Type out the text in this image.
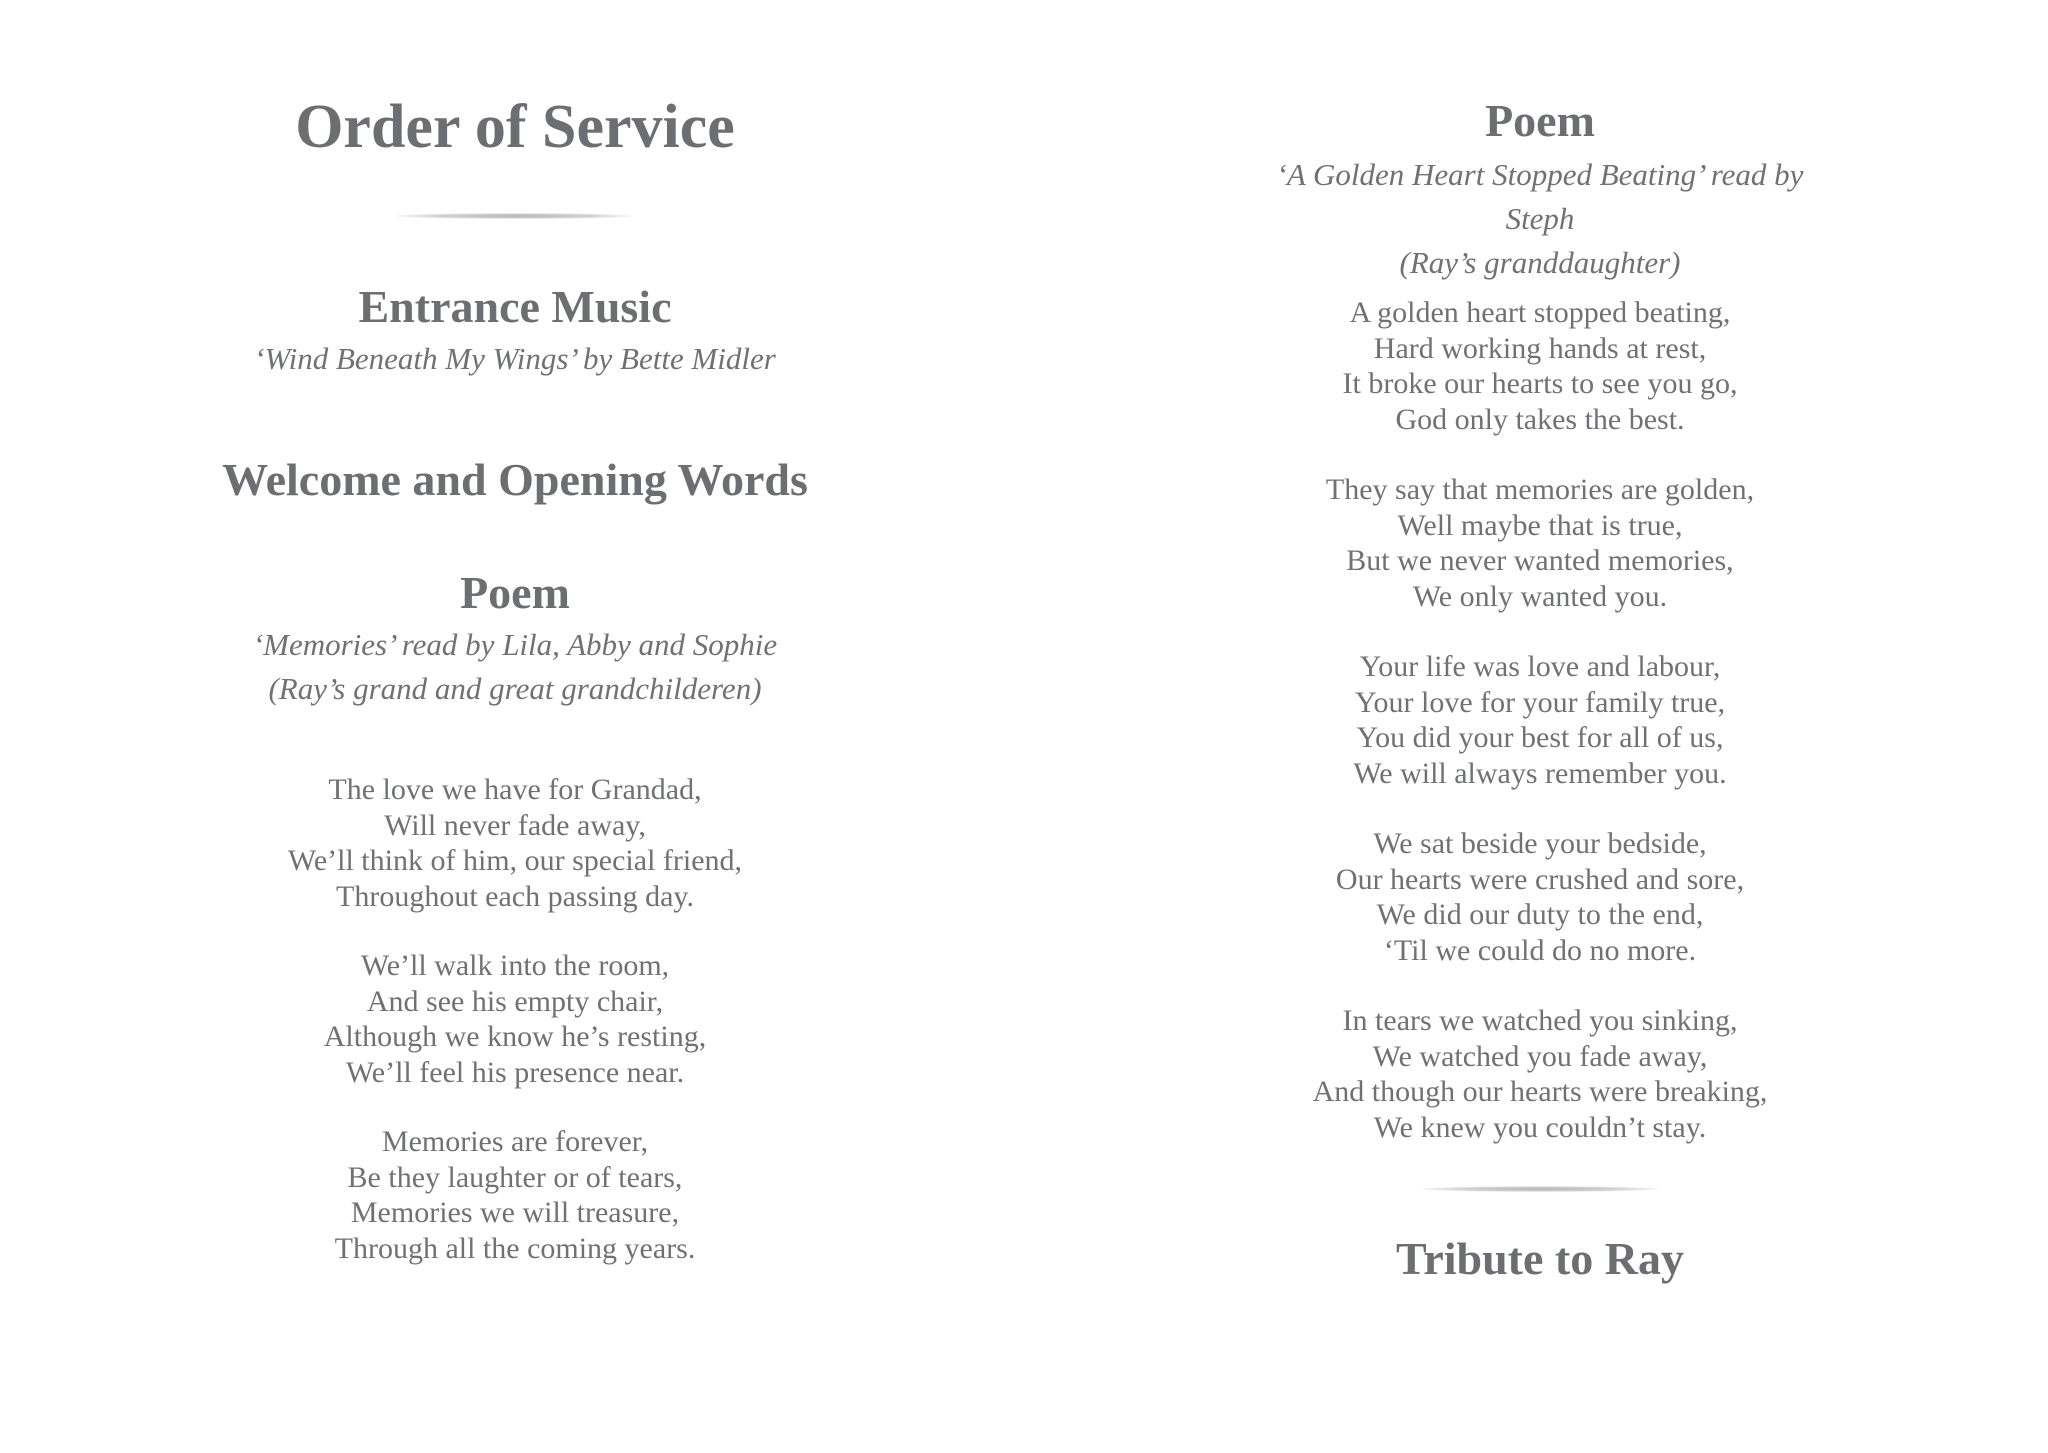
Order of Service
Entrance Music

‘Wind Beneath My Wings’ by Bette Midler

Welcome and Opening Words
Poem

‘Memories’ read by Lila, Abby and Sophie

(Ray’s grand and great grandchilderen)

The love we have for Grandad,
Will never fade away,
We’ll think of him, our special friend,
Throughout each passing day.

We’ll walk into the room,
And see his empty chair,
Although we know he’s resting,
We’ll feel his presence near.

Memories are forever,
Be they laughter or of tears,
Memories we will treasure,
Through all the coming years.

Poem

‘A Golden Heart Stopped Beating’ read by Steph

(Ray’s granddaughter)

A golden heart stopped beating,
Hard working hands at rest,
It broke our hearts to see you go,
God only takes the best.

They say that memories are golden,
Well maybe that is true,
But we never wanted memories,
We only wanted you.

Your life was love and labour,
Your love for your family true,
You did your best for all of us,
We will always remember you.

We sat beside your bedside,
Our hearts were crushed and sore,
We did our duty to the end,
‘Til we could do no more.

In tears we watched you sinking,
We watched you fade away,
And though our hearts were breaking,
We knew you couldn’t stay.

Tribute to Ray
